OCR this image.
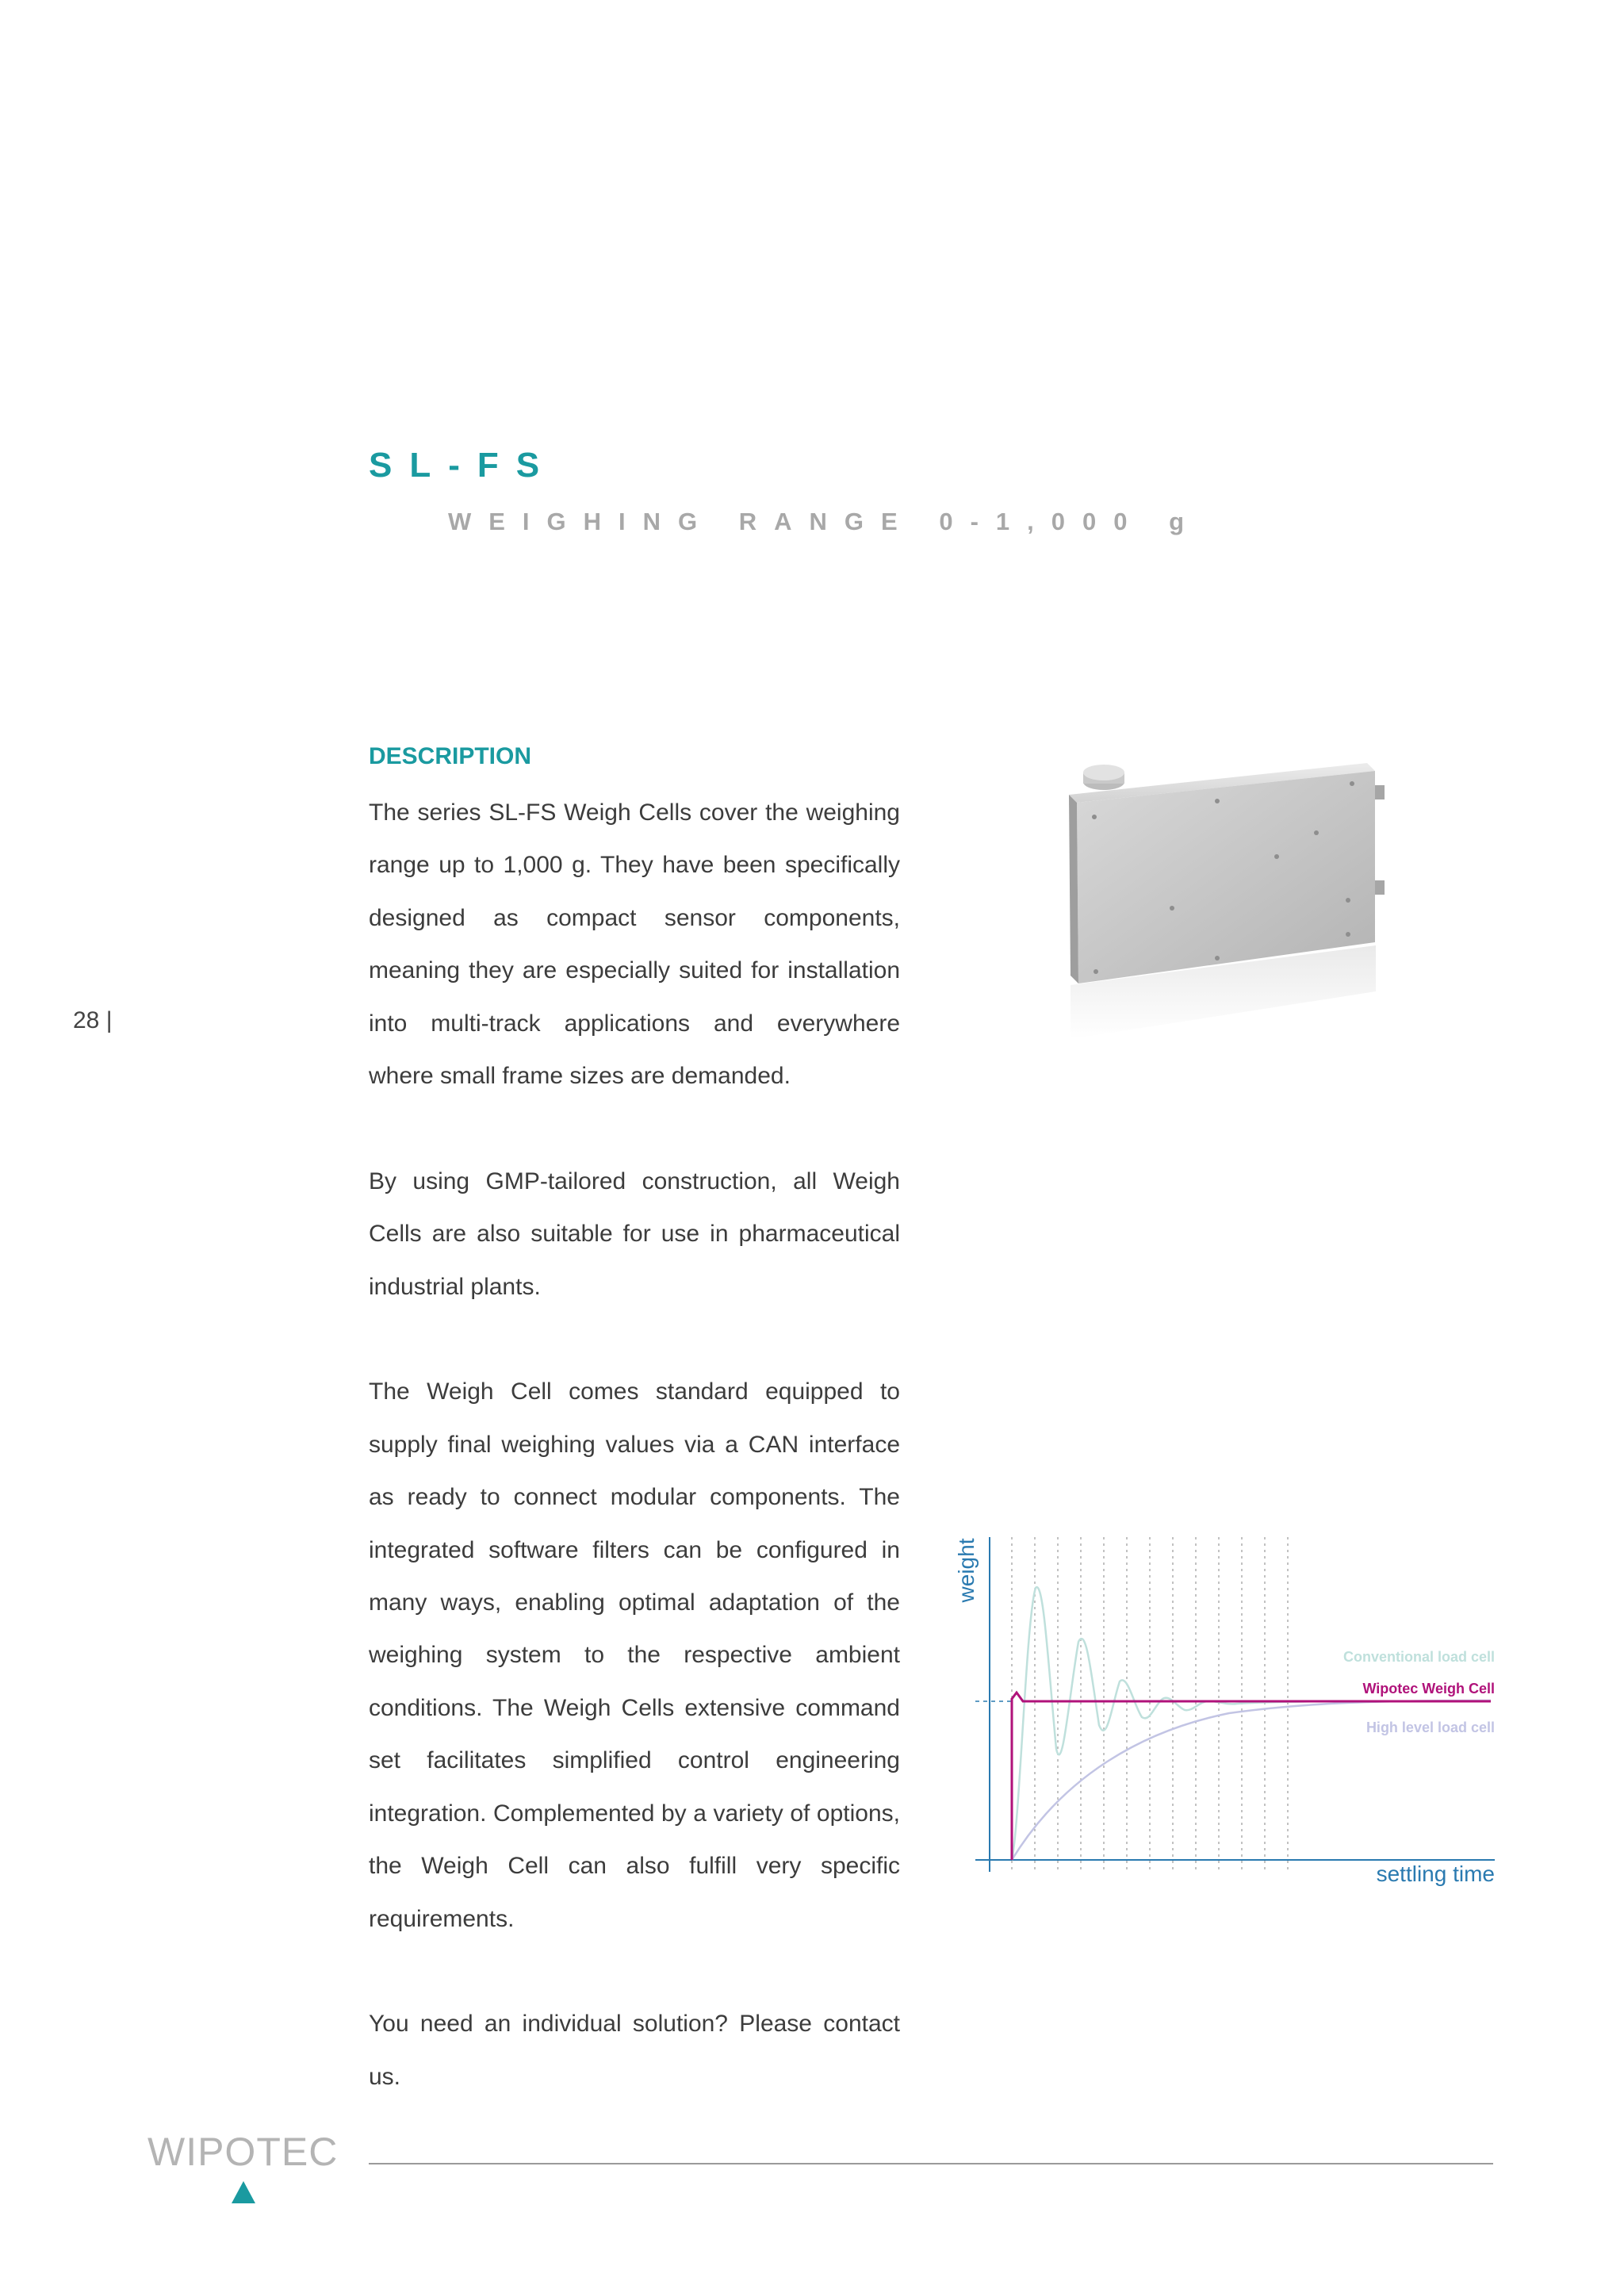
SL-FS
WEIGHING RANGE 0-1,000 g
DESCRIPTION

The series SL-FS Weigh Cells cover the weighing range up to 1,000 g. They have been specifically designed as compact sensor components, meaning they are especially suited for installation into multi-track applications and everywhere where small frame sizes are demanded.

By using GMP-tailored construction, all Weigh Cells are also suitable for use in pharmaceutical industrial plants.

The Weigh Cell comes standard equipped to supply final weighing values via a CAN interface as ready to connect modular components. The integrated software filters can be configured in many ways, enabling optimal adaptation of the weighing system to the respective ambient conditions. The Weigh Cells extensive command set facilitates simplified control engineering integration. Complemented by a variety of options, the Weigh Cell can also fulfill very specific requirements.

You need an individual solution? Please contact us.

28 |
weight
settling time
Conventional load cell
Wipotec Weigh Cell
High level load cell
WIPOTEC
